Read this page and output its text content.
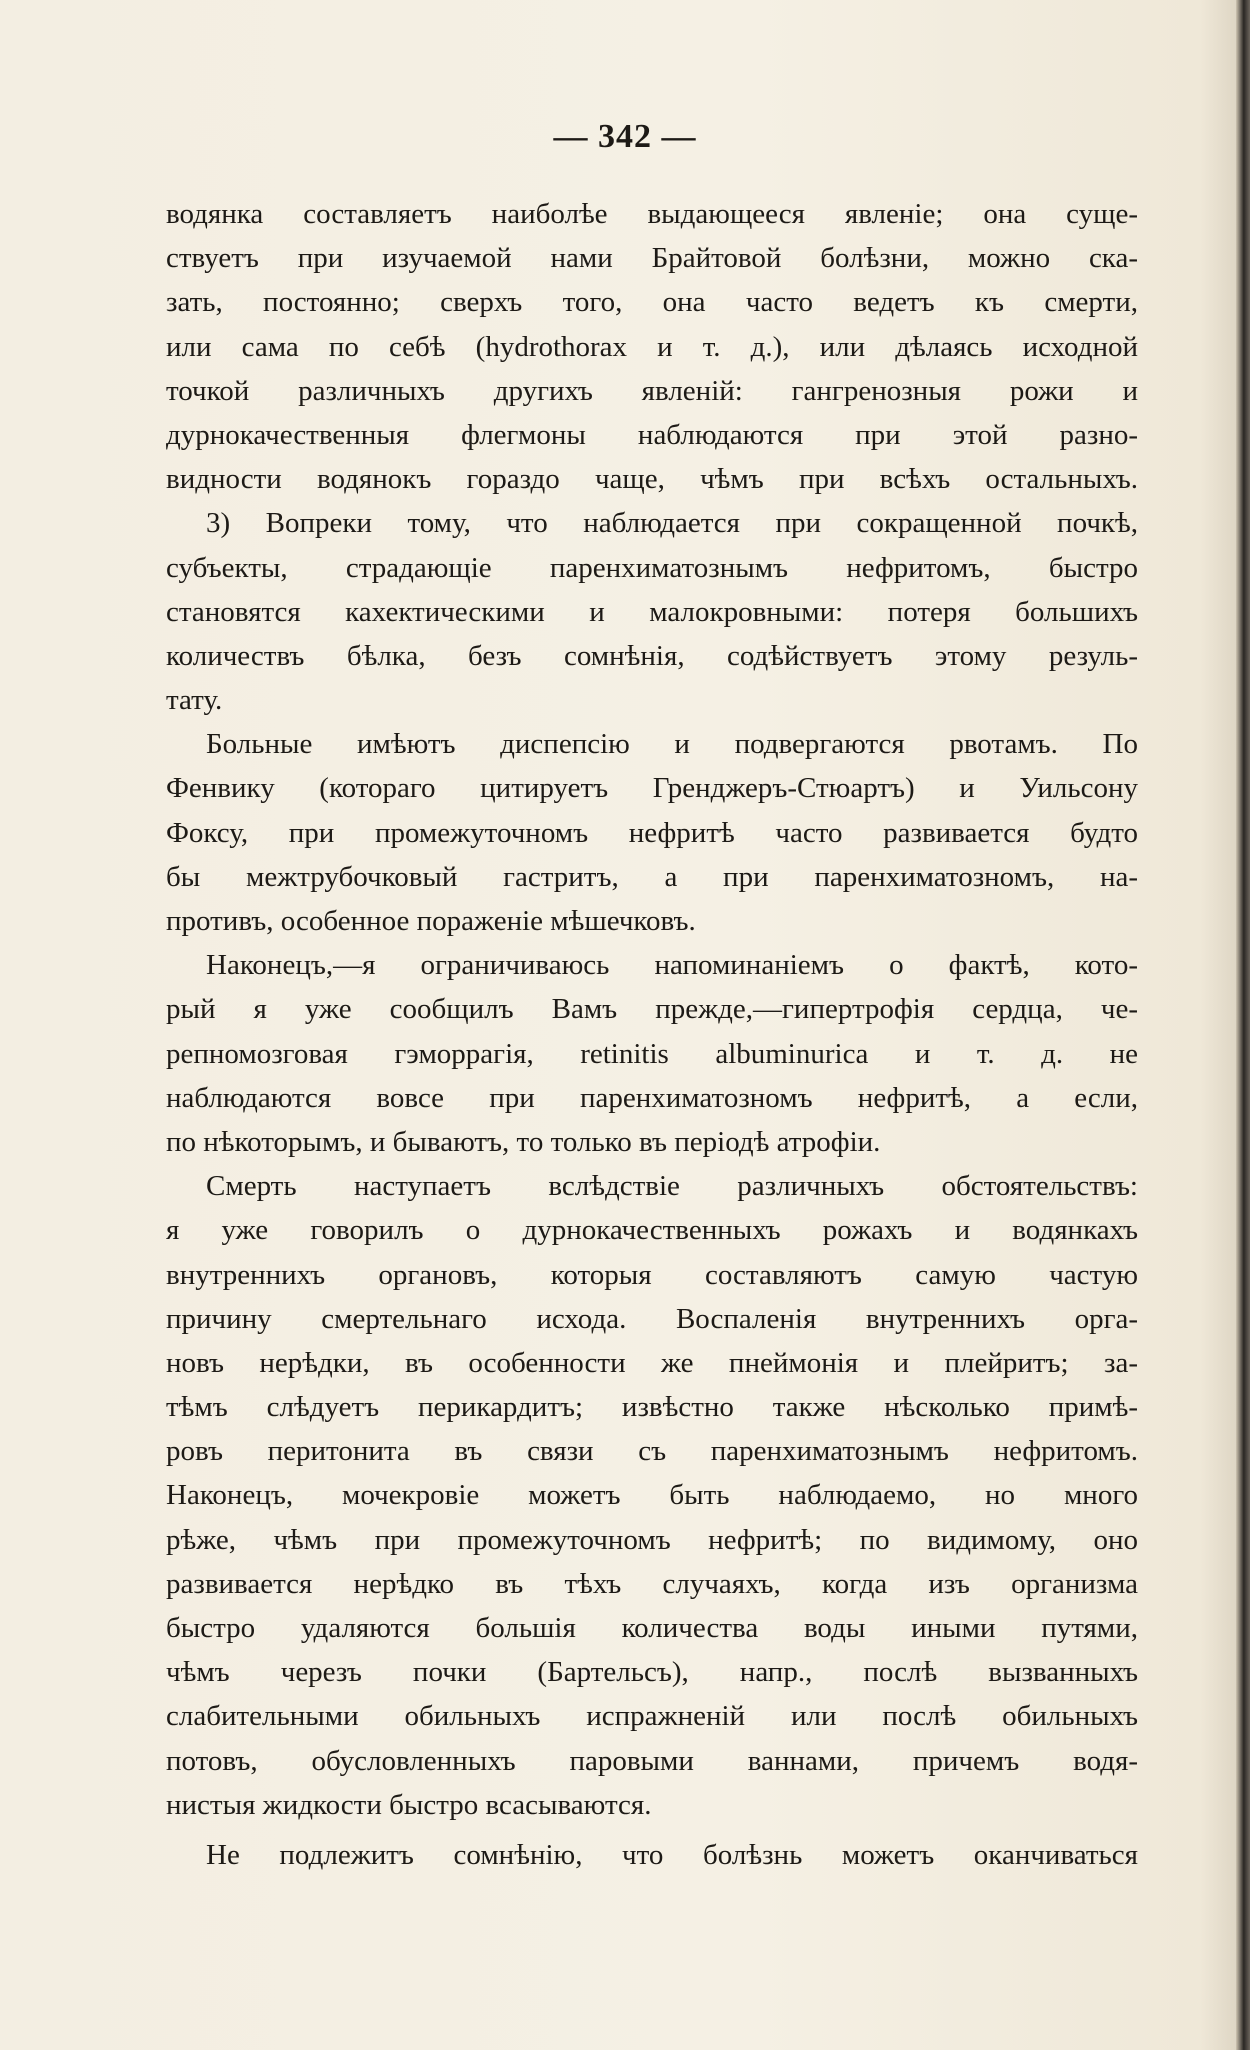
— 342 —
водянка составляетъ наиболѣе выдающееся явленіе; она суще-
ствуетъ при изучаемой нами Брайтовой болѣзни, можно ска-
зать, постоянно; сверхъ того, она часто ведетъ къ смерти,
или сама по себѣ (hydrothorax и т. д.), или дѣлаясь исходной
точкой различныхъ другихъ явленій: гангренозныя рожи и
дурнокачественныя флегмоны наблюдаются при этой разно-
видности водянокъ гораздо чаще, чѣмъ при всѣхъ остальныхъ.
3) Вопреки тому, что наблюдается при сокращенной почкѣ,
субъекты, страдающіе паренхиматознымъ нефритомъ, быстро
становятся кахектическими и малокровными: потеря большихъ
количествъ бѣлка, безъ сомнѣнія, содѣйствуетъ этому резуль-
тату.
Больные имѣютъ диспепсію и подвергаются рвотамъ. По
Фенвику (котораго цитируетъ Гренджеръ-Стюартъ) и Уильсону
Фоксу, при промежуточномъ нефритѣ часто развивается будто
бы межтрубочковый гастритъ, а при паренхиматозномъ, на-
противъ, особенное пораженіе мѣшечковъ.
Наконецъ,—я ограничиваюсь напоминаніемъ о фактѣ, кото-
рый я уже сообщилъ Вамъ прежде,—гипертрофія сердца, че-
репномозговая гэморрагія, retinitis albuminurica и т. д. не
наблюдаются вовсе при паренхиматозномъ нефритѣ, а если,
по нѣкоторымъ, и бываютъ, то только въ періодѣ атрофіи.
Смерть наступаетъ вслѣдствіе различныхъ обстоятельствъ:
я уже говорилъ о дурнокачественныхъ рожахъ и водянкахъ
внутреннихъ органовъ, которыя составляютъ самую частую
причину смертельнаго исхода. Воспаленія внутреннихъ орга-
новъ нерѣдки, въ особенности же пнеймонія и плейритъ; за-
тѣмъ слѣдуетъ перикардитъ; извѣстно также нѣсколько примѣ-
ровъ перитонита въ связи съ паренхиматознымъ нефритомъ.
Наконецъ, мочекровіе можетъ быть наблюдаемо, но много
рѣже, чѣмъ при промежуточномъ нефритѣ; по видимому, оно
развивается нерѣдко въ тѣхъ случаяхъ, когда изъ организма
быстро удаляются большія количества воды иными путями,
чѣмъ черезъ почки (Бартельсъ), напр., послѣ вызванныхъ
слабительными обильныхъ испражненій или послѣ обильныхъ
потовъ, обусловленныхъ паровыми ваннами, причемъ водя-
нистыя жидкости быстро всасываются.
Не подлежитъ сомнѣнію, что болѣзнь можетъ оканчиваться
